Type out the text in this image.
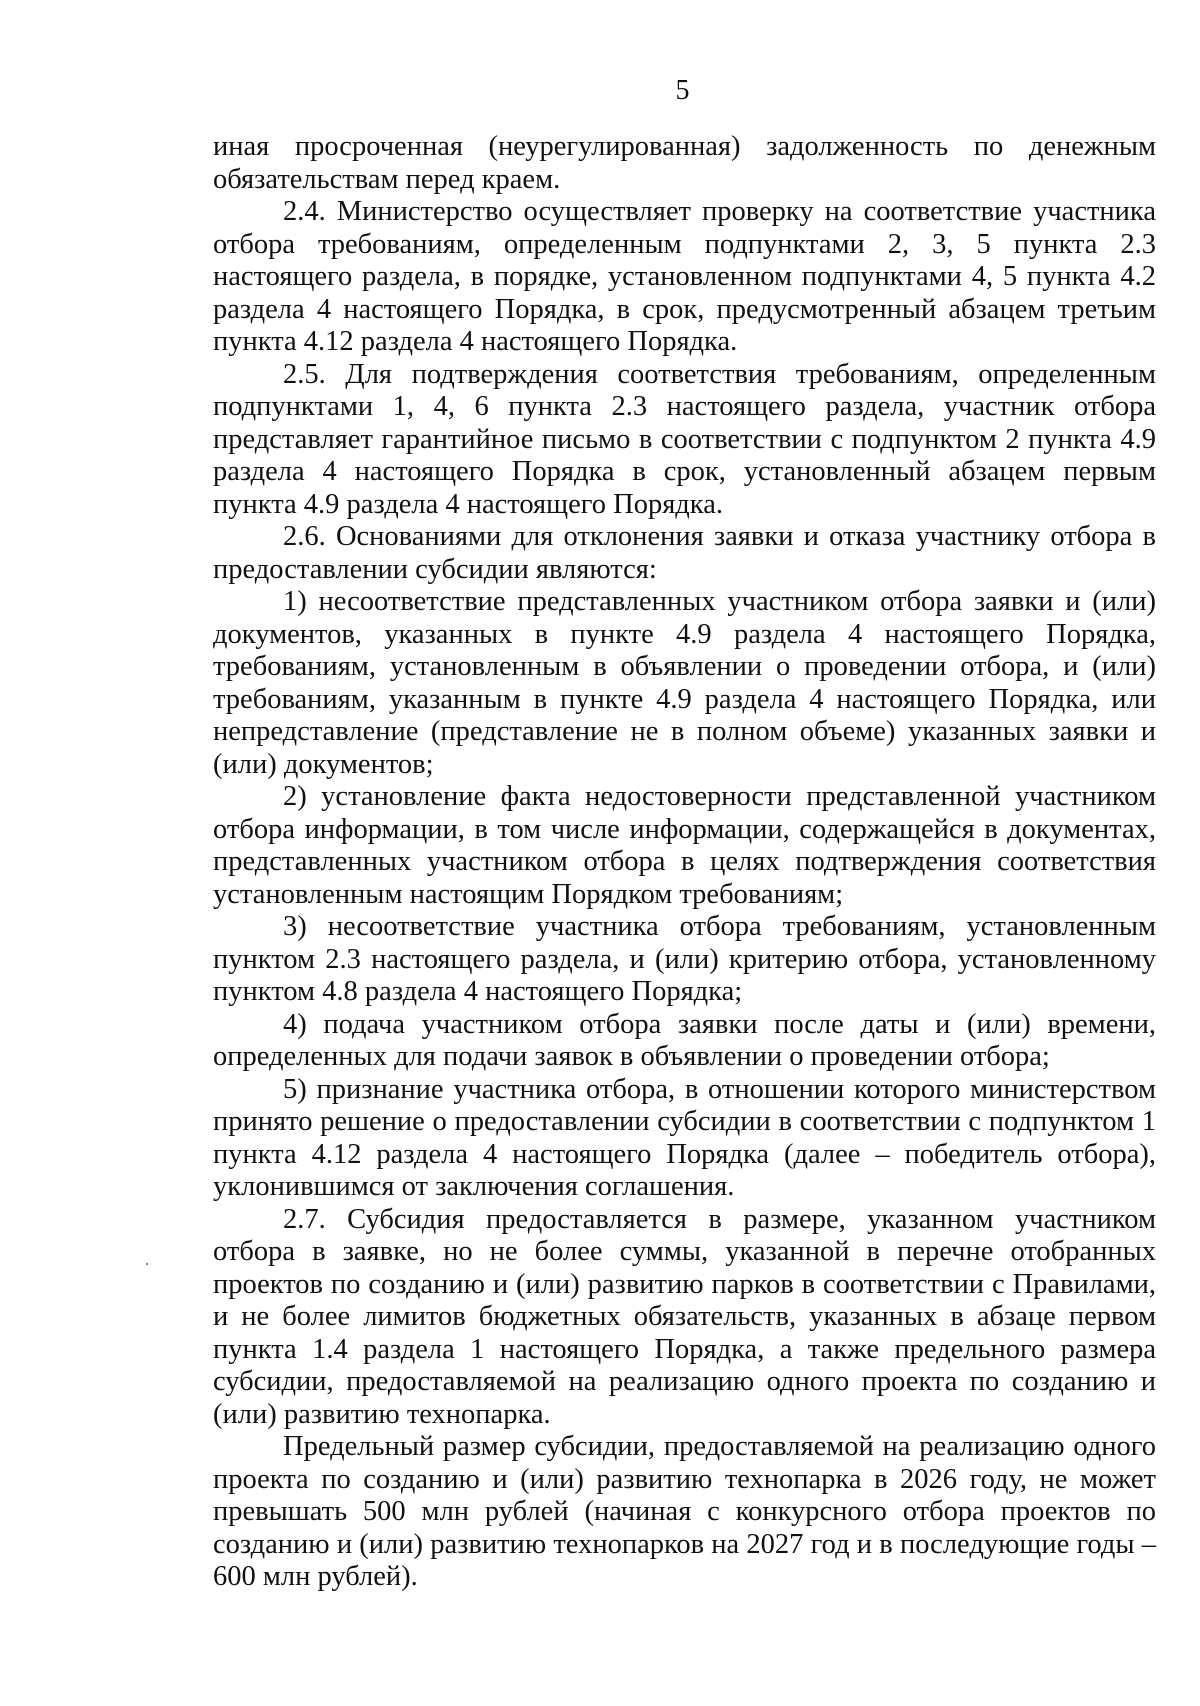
5

иная просроченная (неурегулированная) задолженность по денежным обязательствам перед краем.

2.4. Министерство осуществляет проверку на соответствие участника отбора требованиям, определенным подпунктами 2, 3, 5 пункта 2.3 настоящего раздела, в порядке, установленном подпунктами 4, 5 пункта 4.2 раздела 4 настоящего Порядка, в срок, предусмотренный абзацем третьим пункта 4.12 раздела 4 настоящего Порядка.

2.5. Для подтверждения соответствия требованиям, определенным подпунктами 1, 4, 6 пункта 2.3 настоящего раздела, участник отбора представляет гарантийное письмо в соответствии с подпунктом 2 пункта 4.9 раздела 4 настоящего Порядка в срок, установленный абзацем первым пункта 4.9 раздела 4 настоящего Порядка.

2.6. Основаниями для отклонения заявки и отказа участнику отбора в предоставлении субсидии являются:

1) несоответствие представленных участником отбора заявки и (или) документов, указанных в пункте 4.9 раздела 4 настоящего Порядка, требованиям, установленным в объявлении о проведении отбора, и (или) требованиям, указанным в пункте 4.9 раздела 4 настоящего Порядка, или непредставление (представление не в полном объеме) указанных заявки и (или) документов;

2) установление факта недостоверности представленной участником отбора информации, в том числе информации, содержащейся в документах, представленных участником отбора в целях подтверждения соответствия установленным настоящим Порядком требованиям;

3) несоответствие участника отбора требованиям, установленным пунктом 2.3 настоящего раздела, и (или) критерию отбора, установленному пунктом 4.8 раздела 4 настоящего Порядка;

4) подача участником отбора заявки после даты и (или) времени, определенных для подачи заявок в объявлении о проведении отбора;

5) признание участника отбора, в отношении которого министерством принято решение о предоставлении субсидии в соответствии с подпунктом 1 пункта 4.12 раздела 4 настоящего Порядка (далее – победитель отбора), уклонившимся от заключения соглашения.

2.7. Субсидия предоставляется в размере, указанном участником отбора в заявке, но не более суммы, указанной в перечне отобранных проектов по созданию и (или) развитию парков в соответствии с Правилами, и не более лимитов бюджетных обязательств, указанных в абзаце первом пункта 1.4 раздела 1 настоящего Порядка, а также предельного размера субсидии, предоставляемой на реализацию одного проекта по созданию и (или) развитию технопарка.

Предельный размер субсидии, предоставляемой на реализацию одного проекта по созданию и (или) развитию технопарка в 2026 году, не может превышать 500 млн рублей (начиная с конкурсного отбора проектов по созданию и (или) развитию технопарков на 2027 год и в последующие годы – 600 млн рублей).
